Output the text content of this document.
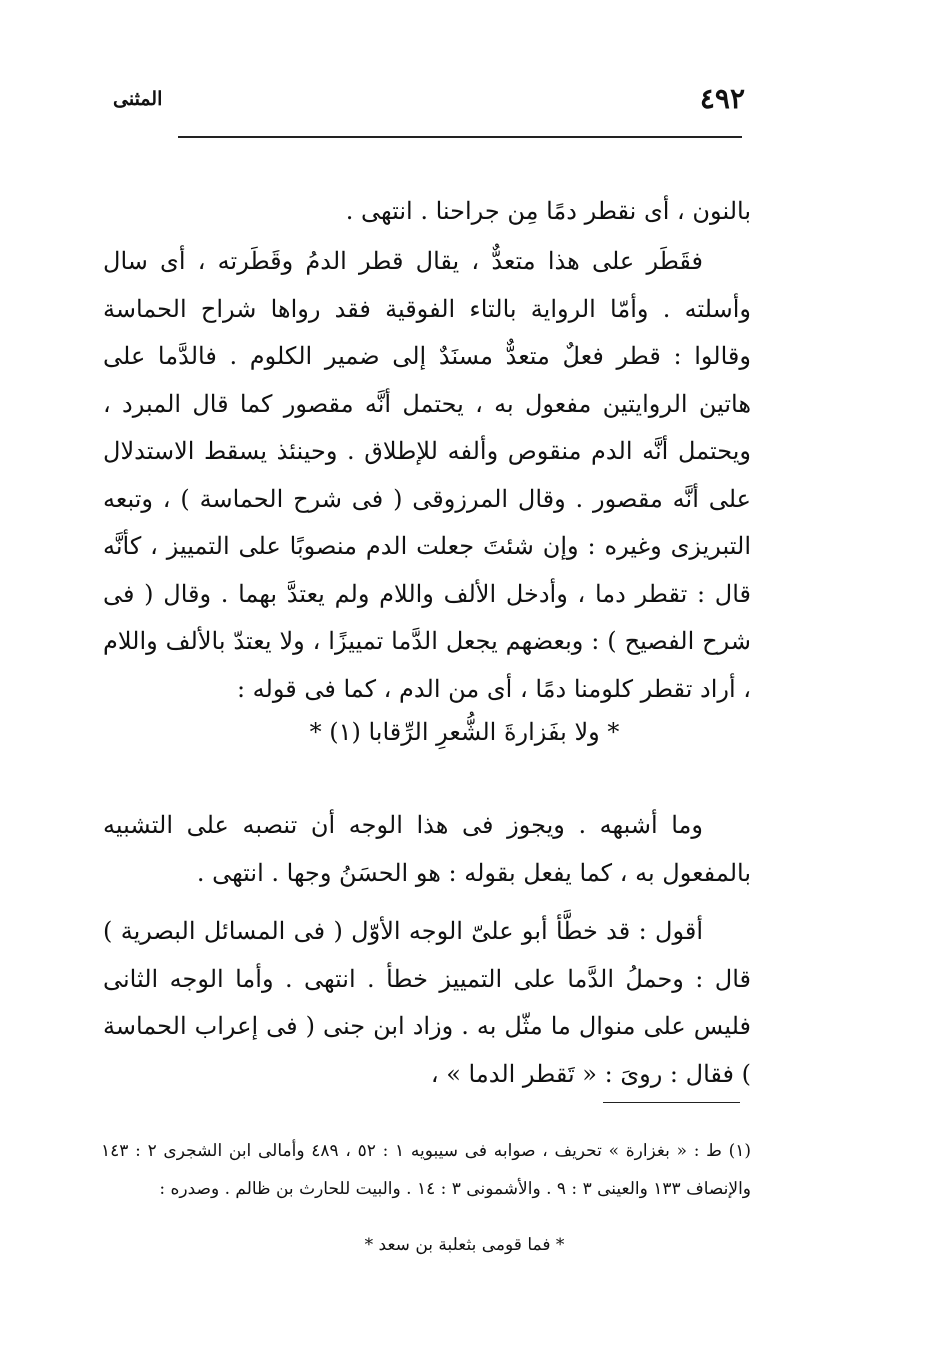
٤٩٢
المثنى

بالنون ، أى نقطر دمًا مِن جراحنا . انتهى .

فقَطَر على هذا متعدٌّ ، يقال قطر الدمُ وقَطَرته ، أى سال وأسلته . وأمّا الرواية بالتاء الفوقية فقد رواها شراح الحماسة وقالوا : قطر فعلٌ متعدٌّ مسنَدٌ إلى ضمير الكلوم . فالدَّما على هاتين الروايتين مفعول به ، يحتمل أنَّه مقصور كما قال المبرد ، ويحتمل أنَّه الدم منقوص وألفه للإطلاق . وحينئذ يسقط الاستدلال على أنَّه مقصور . وقال المرزوقى ( فى شرح الحماسة ) ، وتبعه التبريزى وغيره : وإن شئتَ جعلت الدم منصوبًا على التمييز ، كأنَّه قال : تقطر دما ، وأدخل الألف واللام ولم يعتدَّ بهما . وقال ( فى شرح الفصيح ) : وبعضهم يجعل الدَّما تمييزًا ، ولا يعتدّ بالألف واللام ، أراد تقطر كلومنا دمًا ، أى من الدم ، كما فى قوله :

* ولا بفَزارةَ الشُّعرِ الرِّقابا (١) *

وما أشبهه . ويجوز فى هذا الوجه أن تنصبه على التشبيه بالمفعول به ، كما يفعل بقوله : هو الحسَنُ وجها . انتهى .

أقول : قد خطَّأ أبو علىّ الوجه الأوّل ( فى المسائل البصرية ) قال : وحملُ الدَّما على التمييز خطأ . انتهى . وأما الوجه الثانى فليس على منوال ما مثّل به . وزاد ابن جنى ( فى إعراب الحماسة ) فقال : روىَ : « تَقطر الدما » ،

(١) ط : « بغزارة » تحريف ، صوابه فى سيبويه ١ : ٥٢ ، ٤٨٩ وأمالى ابن الشجرى ٢ : ١٤٣ والإنصاف ١٣٣ والعينى ٣ : ٩ . والأشمونى ٣ : ١٤ . والبيت للحارث بن ظالم . وصدره :

* فما قومى بثعلبة بن سعد *
